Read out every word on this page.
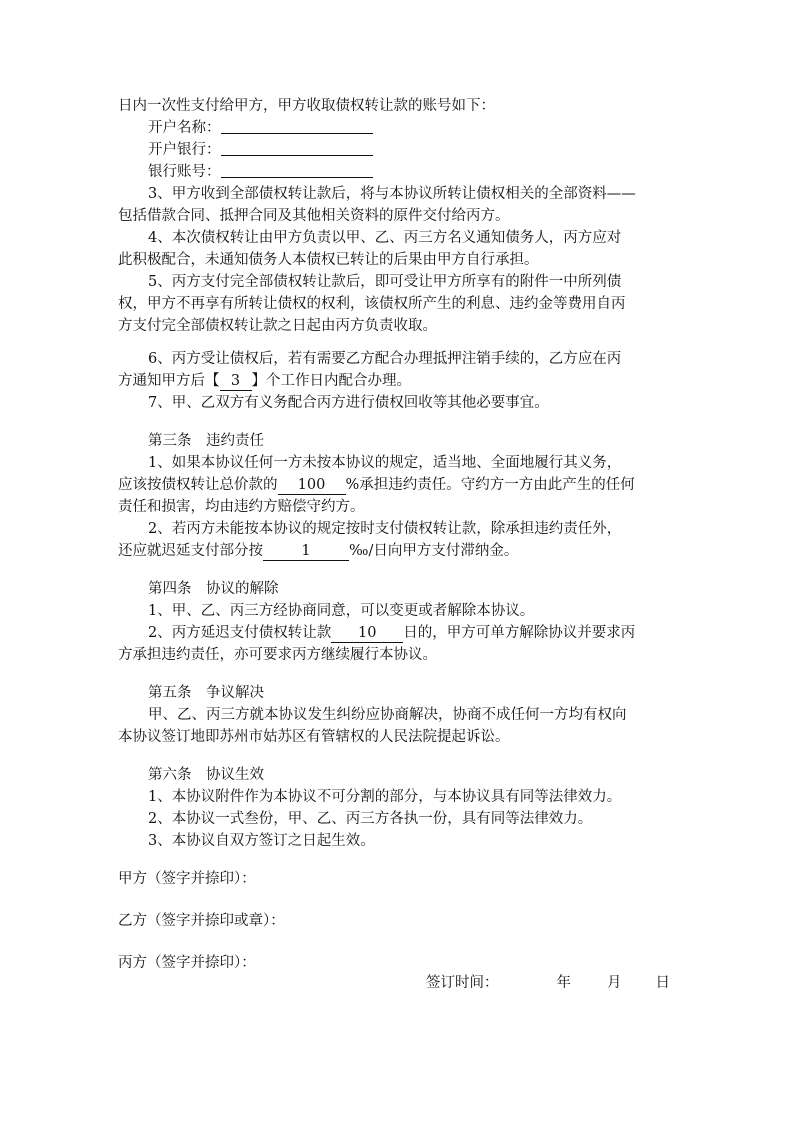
日内一次性支付给甲方，甲方收取债权转让款的账号如下：
开户名称：
开户银行：
银行账号：
3、甲方收到全部债权转让款后，将与本协议所转让债权相关的全部资料——
包括借款合同、抵押合同及其他相关资料的原件交付给丙方。
4、本次债权转让由甲方负责以甲、乙、丙三方名义通知债务人，丙方应对
此积极配合，未通知债务人本债权已转让的后果由甲方自行承担。
5、丙方支付完全部债权转让款后，即可受让甲方所享有的附件一中所列债
权，甲方不再享有所转让债权的权利，该债权所产生的利息、违约金等费用自丙
方支付完全部债权转让款之日起由丙方负责收取。
6、丙方受让债权后，若有需要乙方配合办理抵押注销手续的，乙方应在丙
方通知甲方后【 3 】个工作日内配合办理。
7、甲、乙双方有义务配合丙方进行债权回收等其他必要事宜。
第三条　违约责任
1、如果本协议任何一方未按本协议的规定，适当地、全面地履行其义务，
应该按债权转让总价款的 100 %承担违约责任。守约方一方由此产生的任何
责任和损害，均由违约方赔偿守约方。
2、若丙方未能按本协议的规定按时支付债权转让款，除承担违约责任外，
还应就迟延支付部分按	1	‰/日向甲方支付滞纳金。
第四条　协议的解除
1、甲、乙、丙三方经协商同意，可以变更或者解除本协议。
2、丙方延迟支付债权转让款 10 日的，甲方可单方解除协议并要求丙
方承担违约责任，亦可要求丙方继续履行本协议。
第五条　争议解决
甲、乙、丙三方就本协议发生纠纷应协商解决，协商不成任何一方均有权向
本协议签订地即苏州市姑苏区有管辖权的人民法院提起诉讼。
第六条　协议生效
1、本协议附件作为本协议不可分割的部分，与本协议具有同等法律效力。
2、本协议一式叁份，甲、乙、丙三方各执一份，具有同等法律效力。
3、本协议自双方签订之日起生效。
甲方（签字并捺印）：
乙方（签字并捺印或章）：
丙方（签字并捺印）：
签订时间：	年 月 日
